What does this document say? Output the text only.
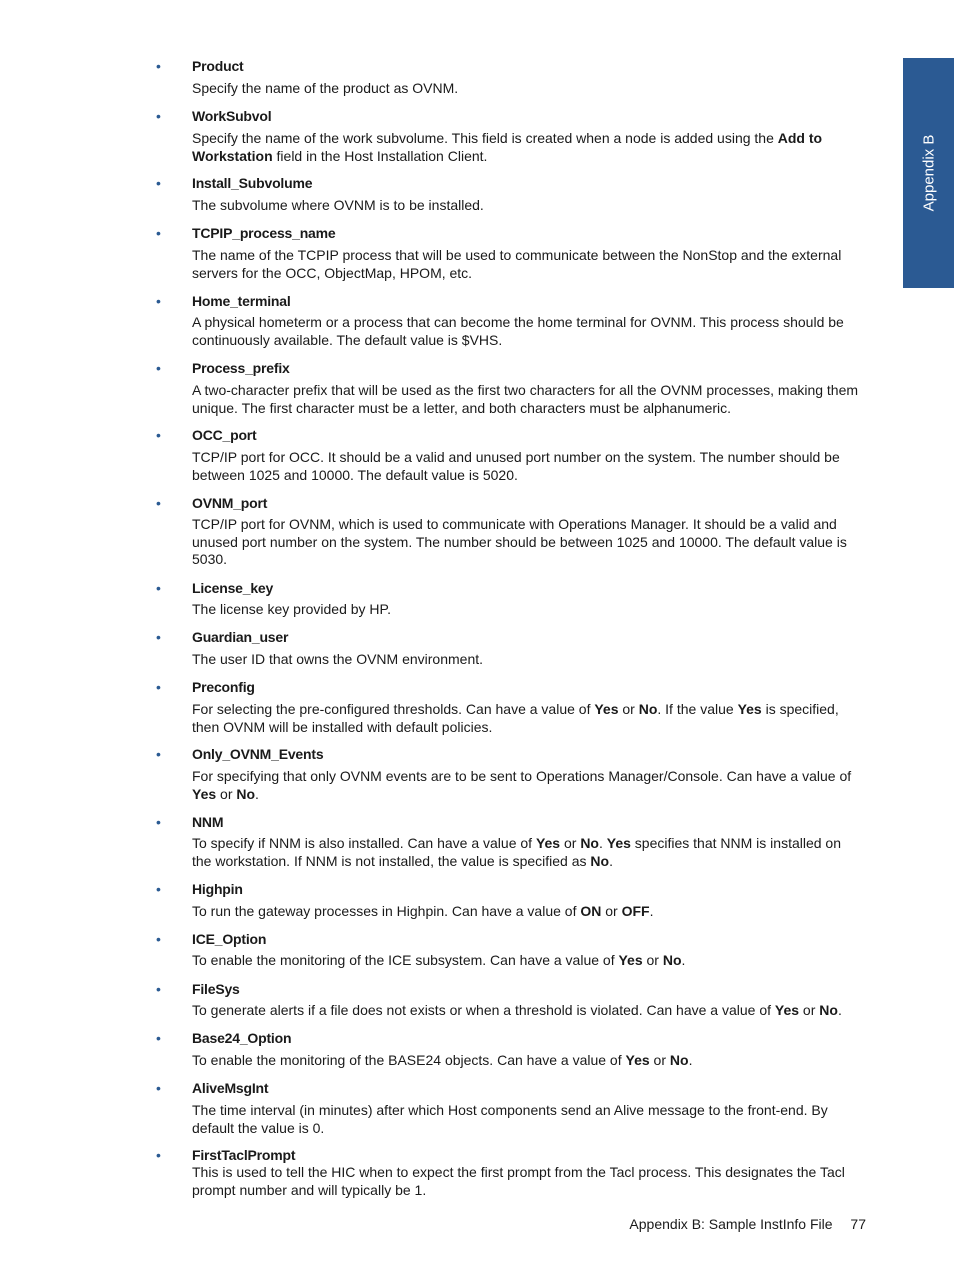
Appendix B
• Product
Specify the name of the product as OVNM.
• WorkSubvol
Specify the name of the work subvolume. This field is created when a node is added using the Add to Workstation field in the Host Installation Client.
• Install_Subvolume
The subvolume where OVNM is to be installed.
• TCPIP_process_name
The name of the TCPIP process that will be used to communicate between the NonStop and the external servers for the OCC, ObjectMap, HPOM, etc.
• Home_terminal
A physical hometerm or a process that can become the home terminal for OVNM. This process should be continuously available. The default value is $VHS.
• Process_prefix
A two-character prefix that will be used as the first two characters for all the OVNM processes, making them unique. The first character must be a letter, and both characters must be alphanumeric.
• OCC_port
TCP/IP port for OCC. It should be a valid and unused port number on the system. The number should be between 1025 and 10000. The default value is 5020.
• OVNM_port
TCP/IP port for OVNM, which is used to communicate with Operations Manager. It should be a valid and unused port number on the system. The number should be between 1025 and 10000. The default value is 5030.
• License_key
The license key provided by HP.
• Guardian_user
The user ID that owns the OVNM environment.
• Preconfig
For selecting the pre-configured thresholds. Can have a value of Yes or No. If the value Yes is specified, then OVNM will be installed with default policies.
• Only_OVNM_Events
For specifying that only OVNM events are to be sent to Operations Manager/Console. Can have a value of Yes or No.
• NNM
To specify if NNM is also installed. Can have a value of Yes or No. Yes specifies that NNM is installed on the workstation. If NNM is not installed, the value is specified as No.
• Highpin
To run the gateway processes in Highpin. Can have a value of ON or OFF.
• ICE_Option
To enable the monitoring of the ICE subsystem. Can have a value of Yes or No.
• FileSys
To generate alerts if a file does not exists or when a threshold is violated. Can have a value of Yes or No.
• Base24_Option
To enable the monitoring of the BASE24 objects. Can have a value of Yes or No.
• AliveMsgInt
The time interval (in minutes) after which Host components send an Alive message to the front-end. By default the value is 0.
• FirstTaclPrompt
This is used to tell the HIC when to expect the first prompt from the Tacl process. This designates the Tacl prompt number and will typically be 1.
Appendix B: Sample InstInfo File 77
